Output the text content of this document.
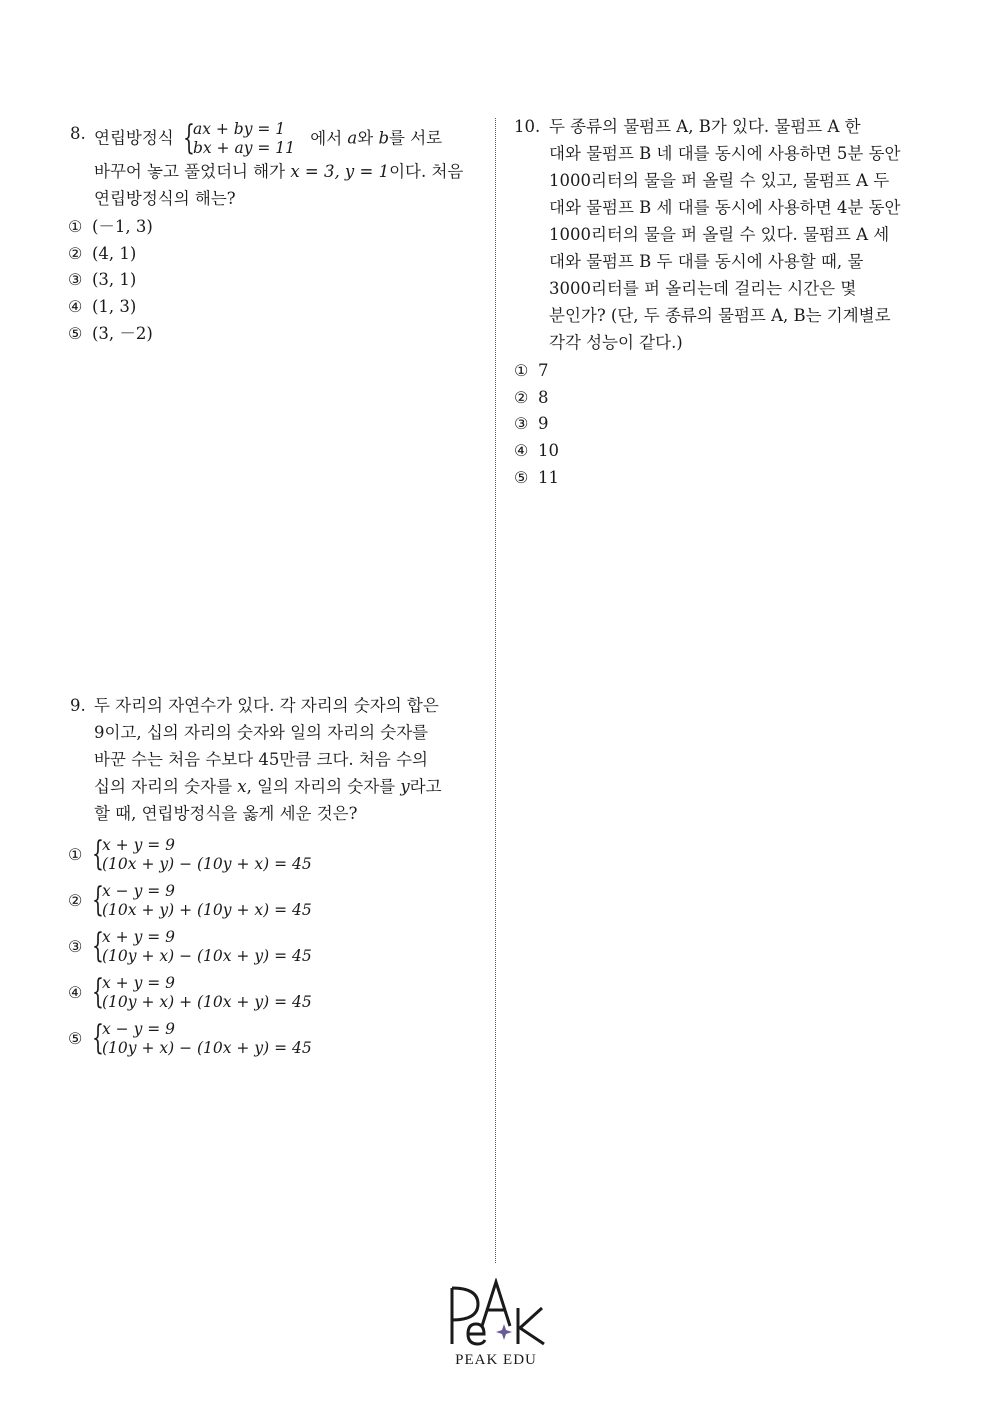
8. 연립방정식 {
ax + by = 1
bx + ay = 11
에서 a와 b를 서로
바꾸어 놓고 풀었더니 해가 x = 3, y = 1이다. 처음
연립방정식의 해는?
① (－1, 3)
② (4, 1)
③ (3, 1)
④ (1, 3)
⑤ (3, －2)
9. 두 자리의 자연수가 있다. 각 자리의 숫자의 합은
9이고, 십의 자리의 숫자와 일의 자리의 숫자를
바꾼 수는 처음 수보다 45만큼 크다. 처음 수의
십의 자리의 숫자를 x, 일의 자리의 숫자를 y라고
할 때, 연립방정식을 옳게 세운 것은?
① {
x + y = 9
(10x + y) − (10y + x) = 45
② {
x − y = 9
(10x + y) + (10y + x) = 45
③ {
x + y = 9
(10y + x) − (10x + y) = 45
④ {
x + y = 9
(10y + x) + (10x + y) = 45
⑤ {
x − y = 9
(10y + x) − (10x + y) = 45
10. 두 종류의 물펌프 A, B가 있다. 물펌프 A 한
대와 물펌프 B 네 대를 동시에 사용하면 5분 동안
1000리터의 물을 퍼 올릴 수 있고, 물펌프 A 두
대와 물펌프 B 세 대를 동시에 사용하면 4분 동안
1000리터의 물을 퍼 올릴 수 있다. 물펌프 A 세
대와 물펌프 B 두 대를 동시에 사용할 때, 물
3000리터를 퍼 올리는데 걸리는 시간은 몇
분인가? (단, 두 종류의 물펌프 A, B는 기계별로
각각 성능이 같다.)
① 7
② 8
③ 9
④ 10
⑤ 11
PEAK EDU
